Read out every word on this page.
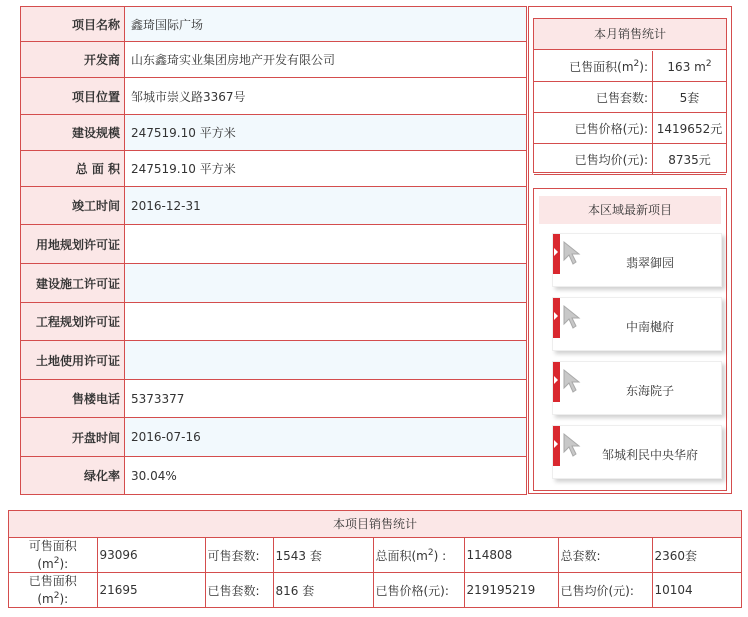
项目名称	鑫琦国际广场
开发商	山东鑫琦实业集团房地产开发有限公司
项目位置	邹城市崇义路3367号
建设规模	247519.10 平方米
总 面 积	247519.10 平方米
竣工时间	2016-12-31
用地规划许可证	
建设施工许可证	
工程规划许可证	
土地使用许可证	
售楼电话	5373377
开盘时间	2016-07-16
绿化率	30.04%
本月销售统计
已售面积$(m^2)$:	163 $m^2$
已售套数:	5套
已售价格(元):	1419652元
已售均价(元):	8735元
本区域最新项目
翡翠御园
中南樾府
东海院子
邹城利民中央华府
本项目销售统计
可售面积
$(m^2)$:	93096	可售套数:	1543 套	总面积$(m^2)$ :	114808	总套数:	2360套
已售面积
$(m^2)$:	21695	已售套数:	816 套	已售价格(元):	219195219	已售均价(元):	10104
